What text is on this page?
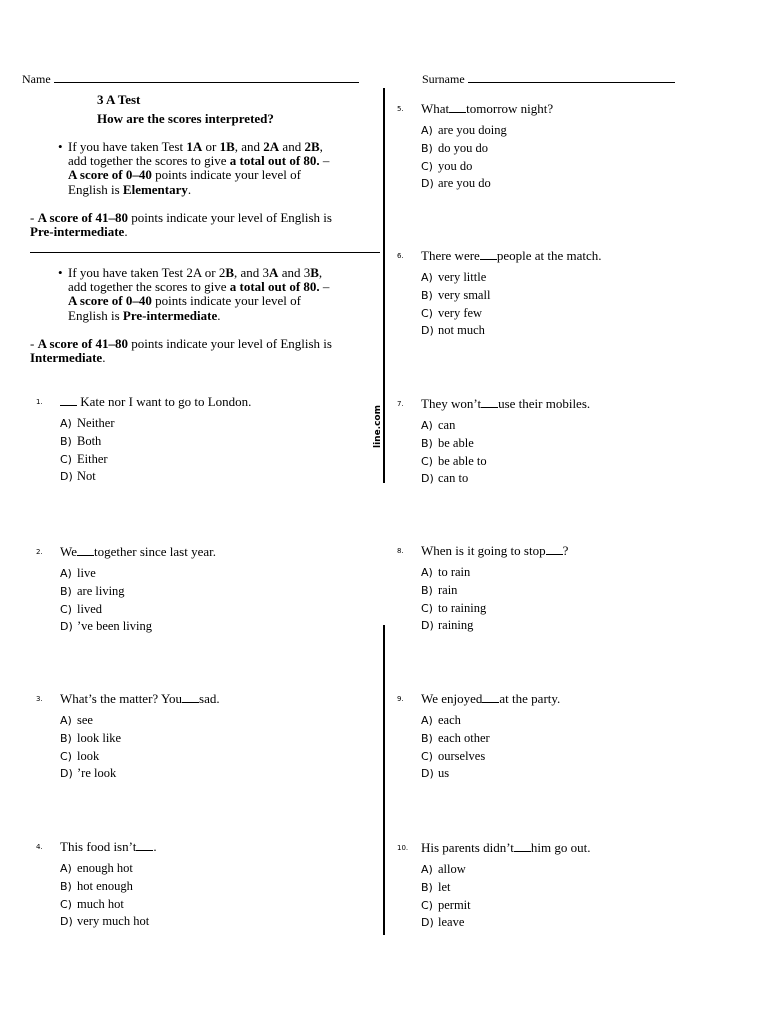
Name	Surname
line.com
3 A Test
How are the scores interpreted?
• If you have taken Test 1A or 1B, and 2A and 2B,
add together the scores to give a total out of 80. –
A score of 0–40 points indicate your level of
English is Elementary.
- A score of 41–80 points indicate your level of English is
Pre-intermediate.
• If you have taken Test 2A or 2B, and 3A and 3B,
add together the scores to give a total out of 80. –
A score of 0–40 points indicate your level of
English is Pre-intermediate.
- A score of 41–80 points indicate your level of English is
Intermediate.
1.	Kate nor I want to go to London.
A) Neither
B) Both
C) Either
D) Not
2. We together since last year.
A) live
B) are living
C) lived
D) ’ve been living
3. What’s the matter? You sad.
A) see
B) look like
C) look
D) ’re look
4. This food isn’t .
A) enough hot
B) hot enough
C) much hot
D) very much hot
5. What tomorrow night?
A) are you doing
B) do you do
C) you do
D) are you do
6. There were people at the match.
A) very little
B) very small
C) very few
D) not much
7. They won’t use their mobiles.
A) can
B) be able
C) be able to
D) can to
8. When is it going to stop ?
A) to rain
B) rain
C) to raining
D) raining
9. We enjoyed at the party.
A) each
B) each other
C) ourselves
D) us
10. His parents didn’t him go out.
A) allow
B) let
C) permit
D) leave
